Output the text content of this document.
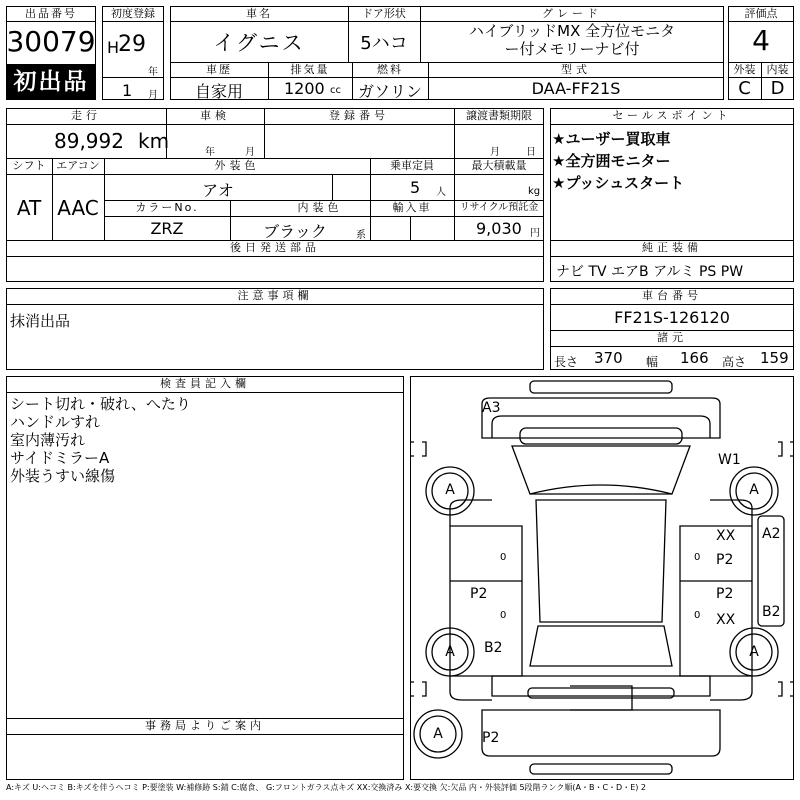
出品番号
30079
初出品
初度登録
H
29
年
1 月
車名
イグニス
ドア形状
5ハコ
グレード
ハイブリッドMX 全方位モニタ
ー付メモリーナビ付
車歴
自家用
排気量
1200 cc
燃料
ガソリン
型式
DAA-FF21S
評価点
4
外装	内装
C	D
走行
89,992 km
車検
年	月
登録番号	譲渡書類期限
月	日
シフト
AT
エアコン
AAC
外装色
アオ
乗車定員
5 人
最大積載量
kg
カラーNo.
ZRZ
内装色
ブラック	系
輸入車	リサイクル預託金
9,030 円
後日発送部品
セールスポイント
★ユーザー買取車
★全方囲モニター
★プッシュスタート
純正装備
ナビ TV エアB アルミ PS PW
注意事項欄
抹消出品
車台番号
FF21S-126120
諸元
長さ 370 幅 166 高さ 159
検査員記入欄
シート切れ・破れ、へたり
ハンドルすれ
室内薄汚れ
サイドミラーA
外装うすい線傷
事務局よりご案内
A3
W1
A	A
XX A2
P2
P2
XX B2
P2
B2
A	A
A	P2
0
0
0
0
A:キズ U:ヘコミ B:キズを伴うヘコミ P:要塗装 W:補修跡 S:錆 C:腐食、 G:フロントガラス点キズ XX:交換済み X:要交換 欠:欠品 内・外装評価 5段階ランク順(A・B・C・D・E) 2
